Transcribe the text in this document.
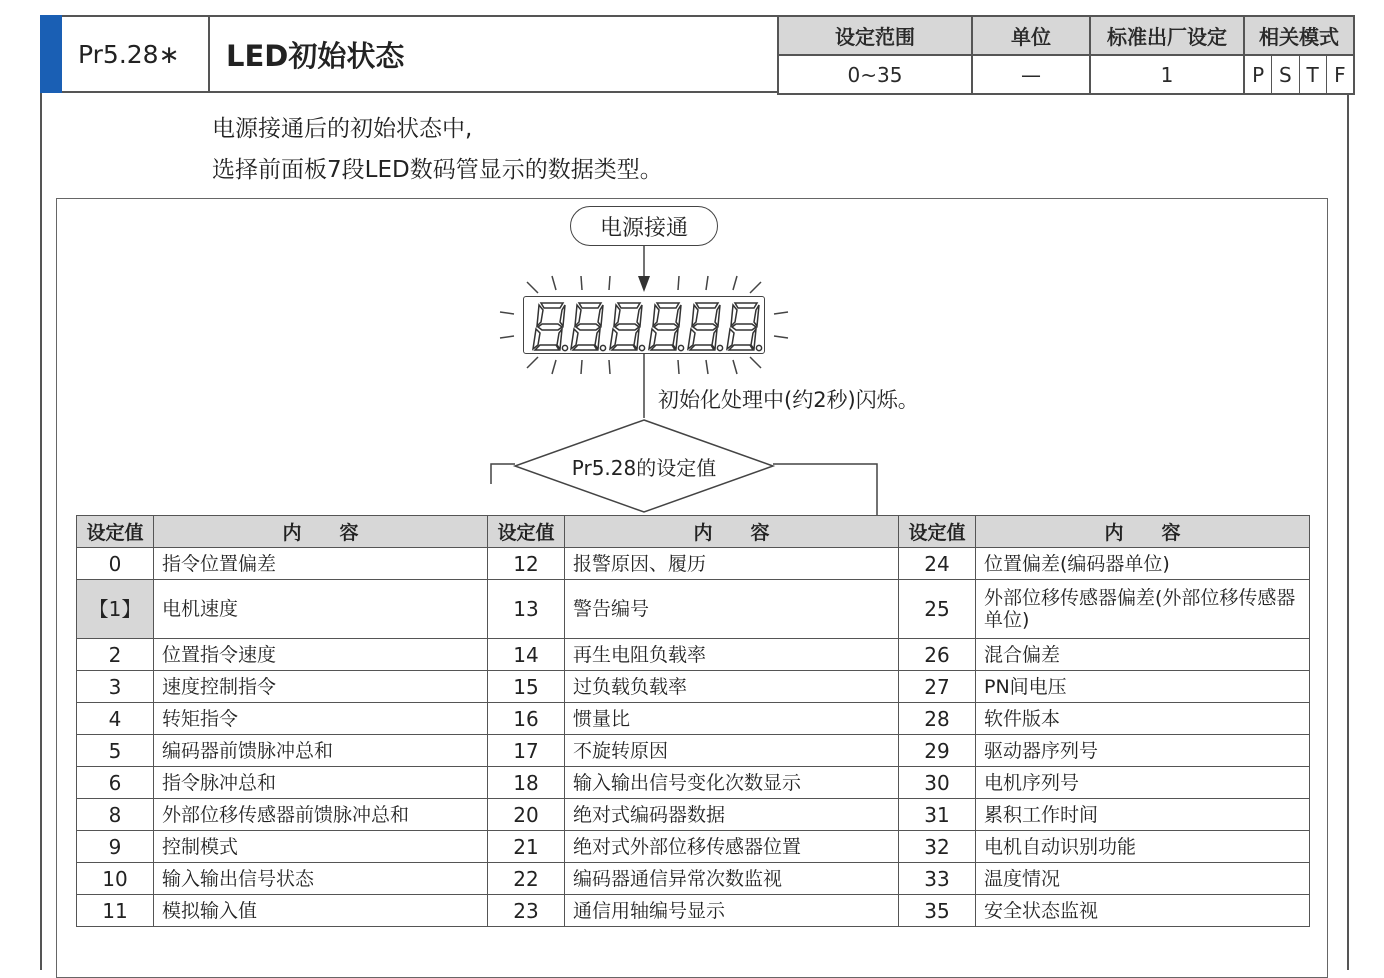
Pr5.28∗ LED初始状态
设定范围	单位	标准出厂设定	相关模式
0~35	—	1	P S T F
电源接通后的初始状态中,
选择前面板7段LED数码管显示的数据类型。
电源接通
初始化处理中(约2秒)闪烁。
Pr5.28的设定值
设定值	内　　容	设定值	内　　容	设定值	内　　容
0	指令位置偏差	12	报警原因、履历	24	位置偏差(编码器单位)
【1】	电机速度	13	警告编号	25	外部位移传感器偏差(外部位移传感器单位)
2	位置指令速度	14	再生电阻负载率	26	混合偏差
3	速度控制指令	15	过负载负载率	27	PN间电压
4	转矩指令	16	惯量比	28	软件版本
5	编码器前馈脉冲总和	17	不旋转原因	29	驱动器序列号
6	指令脉冲总和	18	输入输出信号变化次数显示	30	电机序列号
8	外部位移传感器前馈脉冲总和	20	绝对式编码器数据	31	累积工作时间
9	控制模式	21	绝对式外部位移传感器位置	32	电机自动识别功能
10	输入输出信号状态	22	编码器通信异常次数监视	33	温度情况
11	模拟输入值	23	通信用轴编号显示	35	安全状态监视
